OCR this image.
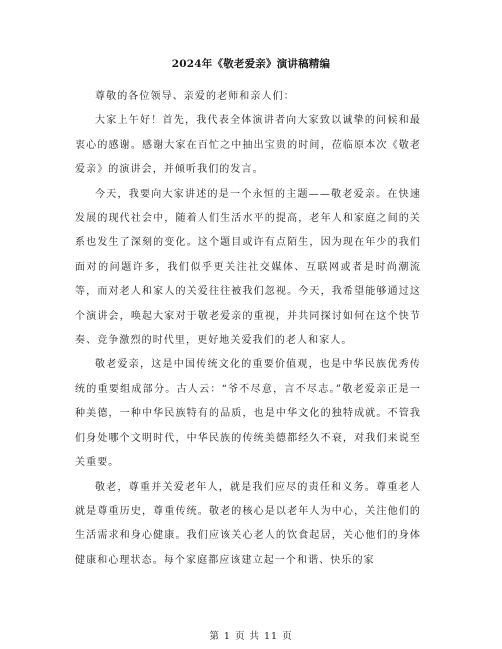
2024年《敬老爱亲》演讲稿精编

尊敬的各位领导、亲爱的老师和亲人们：

大家上午好！首先，我代表全体演讲者向大家致以诚挚的问候和最衷心的感谢。感谢大家在百忙之中抽出宝贵的时间，莅临原本次《敬老爱亲》的演讲会，并倾听我们的发言。

今天，我要向大家讲述的是一个永恒的主题——敬老爱亲。在快速发展的现代社会中，随着人们生活水平的提高，老年人和家庭之间的关系也发生了深刻的变化。这个题目或许有点陌生，因为现在年少的我们面对的问题许多，我们似乎更关注社交媒体、互联网或者是时尚潮流等，而对老人和家人的关爱往往被我们忽视。今天，我希望能够通过这个演讲会，唤起大家对于敬老爱亲的重视，并共同探讨如何在这个快节奏、竞争激烈的时代里，更好地关爱我们的老人和家人。

敬老爱亲，这是中国传统文化的重要价值观，也是中华民族优秀传统的重要组成部分。古人云：“爷不尽意，言不尽志。”敬老爱亲正是一种美德，一种中华民族特有的品质，也是中华文化的独特成就。不管我们身处哪个文明时代，中华民族的传统美德都经久不衰，对我们来说至关重要。

敬老，尊重并关爱老年人，就是我们应尽的责任和义务。尊重老人就是尊重历史，尊重传统。敬老的核心是以老年人为中心，关注他们的生活需求和身心健康。我们应该关心老人的饮食起居，关心他们的身体健康和心理状态。每个家庭都应该建立起一个和谐、快乐的家

第 1 页 共 11 页
